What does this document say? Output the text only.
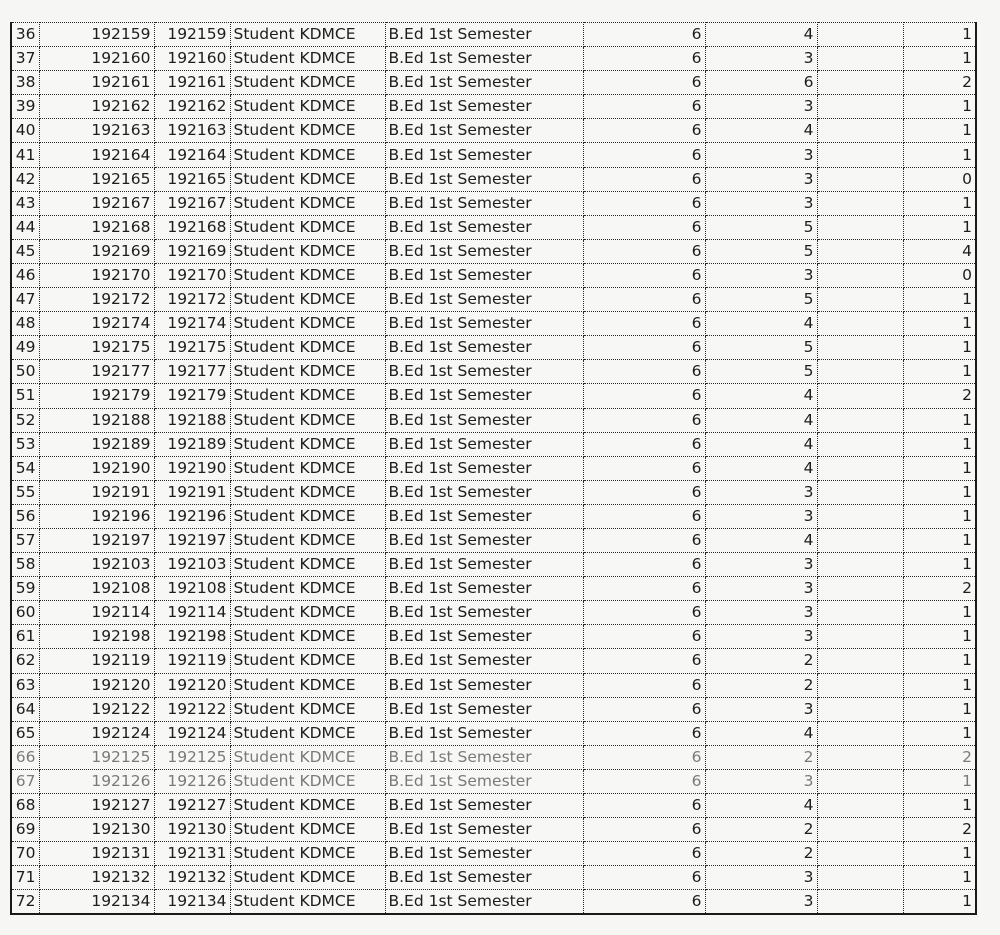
36	192159	192159	Student KDMCE	B.Ed 1st Semester	6	4		1
37	192160	192160	Student KDMCE	B.Ed 1st Semester	6	3		1
38	192161	192161	Student KDMCE	B.Ed 1st Semester	6	6		2
39	192162	192162	Student KDMCE	B.Ed 1st Semester	6	3		1
40	192163	192163	Student KDMCE	B.Ed 1st Semester	6	4		1
41	192164	192164	Student KDMCE	B.Ed 1st Semester	6	3		1
42	192165	192165	Student KDMCE	B.Ed 1st Semester	6	3		0
43	192167	192167	Student KDMCE	B.Ed 1st Semester	6	3		1
44	192168	192168	Student KDMCE	B.Ed 1st Semester	6	5		1
45	192169	192169	Student KDMCE	B.Ed 1st Semester	6	5		4
46	192170	192170	Student KDMCE	B.Ed 1st Semester	6	3		0
47	192172	192172	Student KDMCE	B.Ed 1st Semester	6	5		1
48	192174	192174	Student KDMCE	B.Ed 1st Semester	6	4		1
49	192175	192175	Student KDMCE	B.Ed 1st Semester	6	5		1
50	192177	192177	Student KDMCE	B.Ed 1st Semester	6	5		1
51	192179	192179	Student KDMCE	B.Ed 1st Semester	6	4		2
52	192188	192188	Student KDMCE	B.Ed 1st Semester	6	4		1
53	192189	192189	Student KDMCE	B.Ed 1st Semester	6	4		1
54	192190	192190	Student KDMCE	B.Ed 1st Semester	6	4		1
55	192191	192191	Student KDMCE	B.Ed 1st Semester	6	3		1
56	192196	192196	Student KDMCE	B.Ed 1st Semester	6	3		1
57	192197	192197	Student KDMCE	B.Ed 1st Semester	6	4		1
58	192103	192103	Student KDMCE	B.Ed 1st Semester	6	3		1
59	192108	192108	Student KDMCE	B.Ed 1st Semester	6	3		2
60	192114	192114	Student KDMCE	B.Ed 1st Semester	6	3		1
61	192198	192198	Student KDMCE	B.Ed 1st Semester	6	3		1
62	192119	192119	Student KDMCE	B.Ed 1st Semester	6	2		1
63	192120	192120	Student KDMCE	B.Ed 1st Semester	6	2		1
64	192122	192122	Student KDMCE	B.Ed 1st Semester	6	3		1
65	192124	192124	Student KDMCE	B.Ed 1st Semester	6	4		1
66	192125	192125	Student KDMCE	B.Ed 1st Semester	6	2		2
67	192126	192126	Student KDMCE	B.Ed 1st Semester	6	3		1
68	192127	192127	Student KDMCE	B.Ed 1st Semester	6	4		1
69	192130	192130	Student KDMCE	B.Ed 1st Semester	6	2		2
70	192131	192131	Student KDMCE	B.Ed 1st Semester	6	2		1
71	192132	192132	Student KDMCE	B.Ed 1st Semester	6	3		1
72	192134	192134	Student KDMCE	B.Ed 1st Semester	6	3		1
